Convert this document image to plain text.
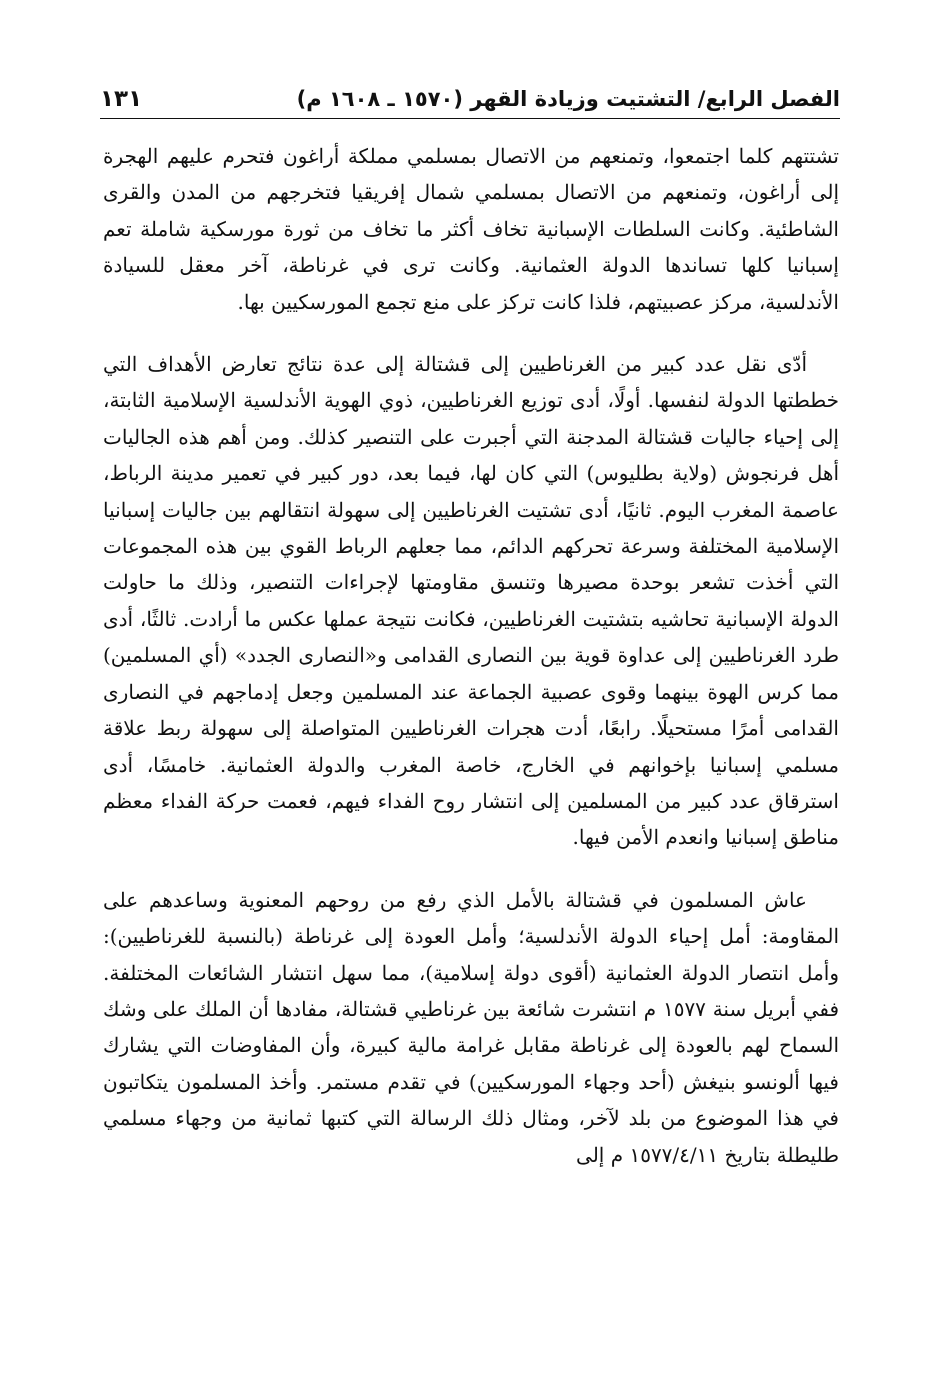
الفصل الرابع/ التشتيت وزيادة القهر (١٥٧٠ ـ ١٦٠٨ م)
١٣١

تشتتهم كلما اجتمعوا، وتمنعهم من الاتصال بمسلمي مملكة أراغون فتحرم عليهم الهجرة إلى أراغون، وتمنعهم من الاتصال بمسلمي شمال إفريقيا فتخرجهم من المدن والقرى الشاطئية. وكانت السلطات الإسبانية تخاف أكثر ما تخاف من ثورة مورسكية شاملة تعم إسبانيا كلها تساندها الدولة العثمانية. وكانت ترى في غرناطة، آخر معقل للسيادة الأندلسية، مركز عصبيتهم، فلذا كانت تركز على منع تجمع المورسكيين بها.

أدّى نقل عدد كبير من الغرناطيين إلى قشتالة إلى عدة نتائج تعارض الأهداف التي خططتها الدولة لنفسها. أولًا، أدى توزيع الغرناطيين، ذوي الهوية الأندلسية الإسلامية الثابتة، إلى إحياء جاليات قشتالة المدجنة التي أجبرت على التنصير كذلك. ومن أهم هذه الجاليات أهل فرنجوش (ولاية بطليوس) التي كان لها، فيما بعد، دور كبير في تعمير مدينة الرباط، عاصمة المغرب اليوم. ثانيًا، أدى تشتيت الغرناطيين إلى سهولة انتقالهم بين جاليات إسبانيا الإسلامية المختلفة وسرعة تحركهم الدائم، مما جعلهم الرباط القوي بين هذه المجموعات التي أخذت تشعر بوحدة مصيرها وتنسق مقاومتها لإجراءات التنصير، وذلك ما حاولت الدولة الإسبانية تحاشيه بتشتيت الغرناطيين، فكانت نتيجة عملها عكس ما أرادت. ثالثًا، أدى طرد الغرناطيين إلى عداوة قوية بين النصارى القدامى و«النصارى الجدد» (أي المسلمين) مما كرس الهوة بينهما وقوى عصبية الجماعة عند المسلمين وجعل إدماجهم في النصارى القدامى أمرًا مستحيلًا. رابعًا، أدت هجرات الغرناطيين المتواصلة إلى سهولة ربط علاقة مسلمي إسبانيا بإخوانهم في الخارج، خاصة المغرب والدولة العثمانية. خامسًا، أدى استرقاق عدد كبير من المسلمين إلى انتشار روح الفداء فيهم، فعمت حركة الفداء معظم مناطق إسبانيا وانعدم الأمن فيها.

عاش المسلمون في قشتالة بالأمل الذي رفع من روحهم المعنوية وساعدهم على المقاومة: أمل إحياء الدولة الأندلسية؛ وأمل العودة إلى غرناطة (بالنسبة للغرناطيين): وأمل انتصار الدولة العثمانية (أقوى دولة إسلامية)، مما سهل انتشار الشائعات المختلفة. ففي أبريل سنة ١٥٧٧ م انتشرت شائعة بين غرناطيي قشتالة، مفادها أن الملك على وشك السماح لهم بالعودة إلى غرناطة مقابل غرامة مالية كبيرة، وأن المفاوضات التي يشارك فيها ألونسو بنيغش (أحد وجهاء المورسكيين) في تقدم مستمر. وأخذ المسلمون يتكاتبون في هذا الموضوع من بلد لآخر، ومثال ذلك الرسالة التي كتبها ثمانية من وجهاء مسلمي طليطلة بتاريخ ١٥٧٧/٤/١١ م إلى
